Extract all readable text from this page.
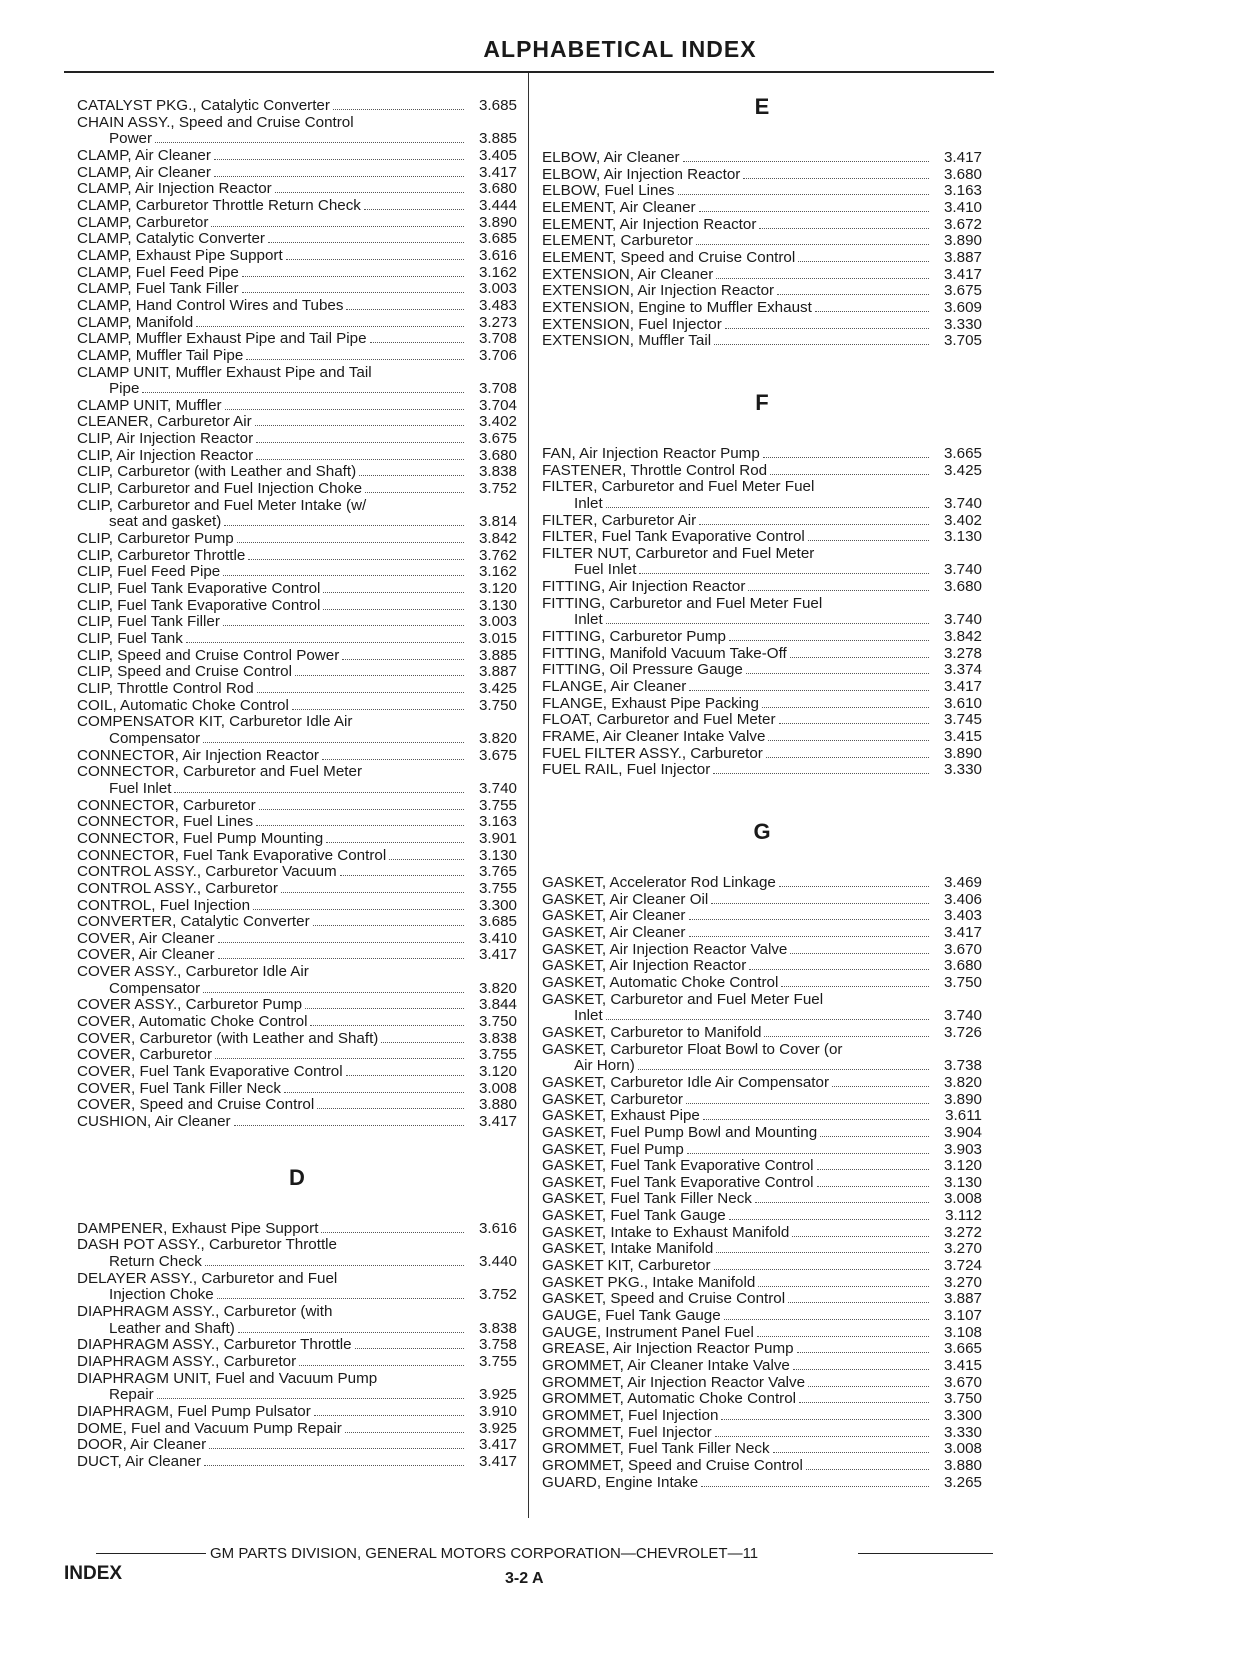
ALPHABETICAL INDEX
CATALYST PKG., Catalytic Converter	3.685
CHAIN ASSY., Speed and Cruise Control
Power	3.885
CLAMP, Air Cleaner	3.405
CLAMP, Air Cleaner	3.417
CLAMP, Air Injection Reactor	3.680
CLAMP, Carburetor Throttle Return Check	3.444
CLAMP, Carburetor	3.890
CLAMP, Catalytic Converter	3.685
CLAMP, Exhaust Pipe Support	3.616
CLAMP, Fuel Feed Pipe	3.162
CLAMP, Fuel Tank Filler	3.003
CLAMP, Hand Control Wires and Tubes	3.483
CLAMP, Manifold	3.273
CLAMP, Muffler Exhaust Pipe and Tail Pipe	3.708
CLAMP, Muffler Tail Pipe	3.706
CLAMP UNIT, Muffler Exhaust Pipe and Tail
Pipe	3.708
CLAMP UNIT, Muffler	3.704
CLEANER, Carburetor Air	3.402
CLIP, Air Injection Reactor	3.675
CLIP, Air Injection Reactor	3.680
CLIP, Carburetor (with Leather and Shaft)	3.838
CLIP, Carburetor and Fuel Injection Choke	3.752
CLIP, Carburetor and Fuel Meter Intake (w/
seat and gasket)	3.814
CLIP, Carburetor Pump	3.842
CLIP, Carburetor Throttle	3.762
CLIP, Fuel Feed Pipe	3.162
CLIP, Fuel Tank Evaporative Control	3.120
CLIP, Fuel Tank Evaporative Control	3.130
CLIP, Fuel Tank Filler	3.003
CLIP, Fuel Tank	3.015
CLIP, Speed and Cruise Control Power	3.885
CLIP, Speed and Cruise Control	3.887
CLIP, Throttle Control Rod	3.425
COIL, Automatic Choke Control	3.750
COMPENSATOR KIT, Carburetor Idle Air
Compensator	3.820
CONNECTOR, Air Injection Reactor	3.675
CONNECTOR, Carburetor and Fuel Meter
Fuel Inlet	3.740
CONNECTOR, Carburetor	3.755
CONNECTOR, Fuel Lines	3.163
CONNECTOR, Fuel Pump Mounting	3.901
CONNECTOR, Fuel Tank Evaporative Control	3.130
CONTROL ASSY., Carburetor Vacuum	3.765
CONTROL ASSY., Carburetor	3.755
CONTROL, Fuel Injection	3.300
CONVERTER, Catalytic Converter	3.685
COVER, Air Cleaner	3.410
COVER, Air Cleaner	3.417
COVER ASSY., Carburetor Idle Air
Compensator	3.820
COVER ASSY., Carburetor Pump	3.844
COVER, Automatic Choke Control	3.750
COVER, Carburetor (with Leather and Shaft)	3.838
COVER, Carburetor	3.755
COVER, Fuel Tank Evaporative Control	3.120
COVER, Fuel Tank Filler Neck	3.008
COVER, Speed and Cruise Control	3.880
CUSHION, Air Cleaner	3.417
D
DAMPENER, Exhaust Pipe Support	3.616
DASH POT ASSY., Carburetor Throttle
Return Check	3.440
DELAYER ASSY., Carburetor and Fuel
Injection Choke	3.752
DIAPHRAGM ASSY., Carburetor (with
Leather and Shaft)	3.838
DIAPHRAGM ASSY., Carburetor Throttle	3.758
DIAPHRAGM ASSY., Carburetor	3.755
DIAPHRAGM UNIT, Fuel and Vacuum Pump
Repair	3.925
DIAPHRAGM, Fuel Pump Pulsator	3.910
DOME, Fuel and Vacuum Pump Repair	3.925
DOOR, Air Cleaner	3.417
DUCT, Air Cleaner	3.417
E
ELBOW, Air Cleaner	3.417
ELBOW, Air Injection Reactor	3.680
ELBOW, Fuel Lines	3.163
ELEMENT, Air Cleaner	3.410
ELEMENT, Air Injection Reactor	3.672
ELEMENT, Carburetor	3.890
ELEMENT, Speed and Cruise Control	3.887
EXTENSION, Air Cleaner	3.417
EXTENSION, Air Injection Reactor	3.675
EXTENSION, Engine to Muffler Exhaust	3.609
EXTENSION, Fuel Injector	3.330
EXTENSION, Muffler Tail	3.705
F
FAN, Air Injection Reactor Pump	3.665
FASTENER, Throttle Control Rod	3.425
FILTER, Carburetor and Fuel Meter Fuel
Inlet	3.740
FILTER, Carburetor Air	3.402
FILTER, Fuel Tank Evaporative Control	3.130
FILTER NUT, Carburetor and Fuel Meter
Fuel Inlet	3.740
FITTING, Air Injection Reactor	3.680
FITTING, Carburetor and Fuel Meter Fuel
Inlet	3.740
FITTING, Carburetor Pump	3.842
FITTING, Manifold Vacuum Take-Off	3.278
FITTING, Oil Pressure Gauge	3.374
FLANGE, Air Cleaner	3.417
FLANGE, Exhaust Pipe Packing	3.610
FLOAT, Carburetor and Fuel Meter	3.745
FRAME, Air Cleaner Intake Valve	3.415
FUEL FILTER ASSY., Carburetor	3.890
FUEL RAIL, Fuel Injector	3.330
G
GASKET, Accelerator Rod Linkage	3.469
GASKET, Air Cleaner Oil	3.406
GASKET, Air Cleaner	3.403
GASKET, Air Cleaner	3.417
GASKET, Air Injection Reactor Valve	3.670
GASKET, Air Injection Reactor	3.680
GASKET, Automatic Choke Control	3.750
GASKET, Carburetor and Fuel Meter Fuel
Inlet	3.740
GASKET, Carburetor to Manifold	3.726
GASKET, Carburetor Float Bowl to Cover (or
Air Horn)	3.738
GASKET, Carburetor Idle Air Compensator	3.820
GASKET, Carburetor	3.890
GASKET, Exhaust Pipe	3.611
GASKET, Fuel Pump Bowl and Mounting	3.904
GASKET, Fuel Pump	3.903
GASKET, Fuel Tank Evaporative Control	3.120
GASKET, Fuel Tank Evaporative Control	3.130
GASKET, Fuel Tank Filler Neck	3.008
GASKET, Fuel Tank Gauge	3.112
GASKET, Intake to Exhaust Manifold	3.272
GASKET, Intake Manifold	3.270
GASKET KIT, Carburetor	3.724
GASKET PKG., Intake Manifold	3.270
GASKET, Speed and Cruise Control	3.887
GAUGE, Fuel Tank Gauge	3.107
GAUGE, Instrument Panel Fuel	3.108
GREASE, Air Injection Reactor Pump	3.665
GROMMET, Air Cleaner Intake Valve	3.415
GROMMET, Air Injection Reactor Valve	3.670
GROMMET, Automatic Choke Control	3.750
GROMMET, Fuel Injection	3.300
GROMMET, Fuel Injector	3.330
GROMMET, Fuel Tank Filler Neck	3.008
GROMMET, Speed and Cruise Control	3.880
GUARD, Engine Intake	3.265
GM PARTS DIVISION, GENERAL MOTORS CORPORATION—CHEVROLET—11
INDEX	3-2 A
